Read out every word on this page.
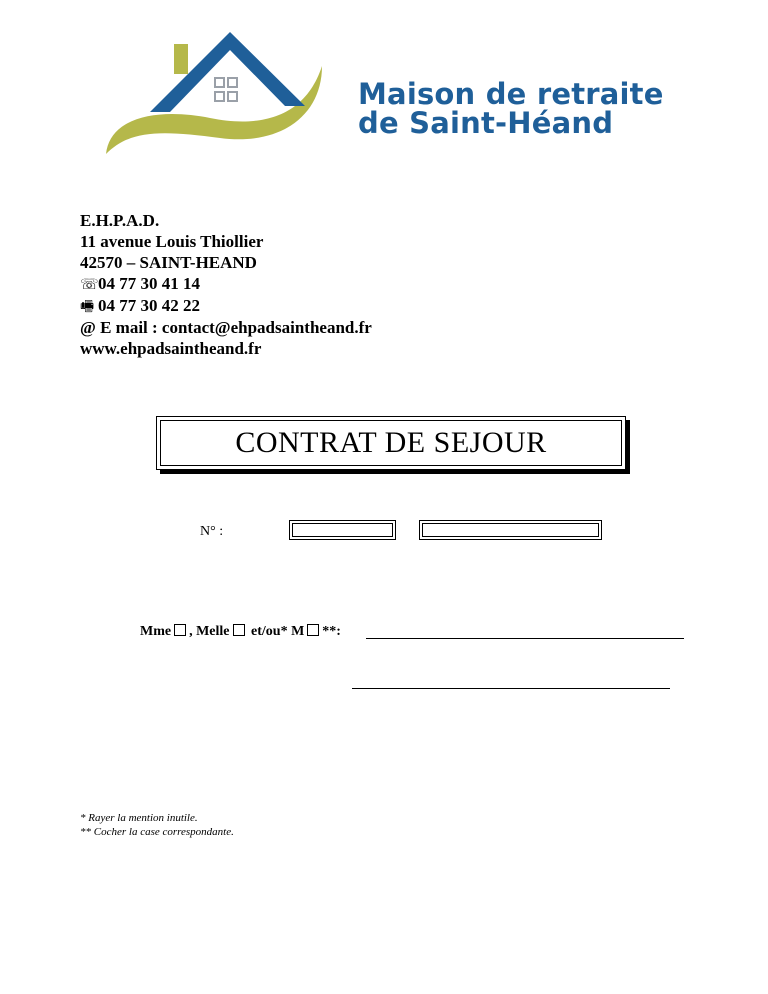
Maison de retraite
de Saint-Héand
E.H.P.A.D.
11 avenue Louis Thiollier
42570 – SAINT-HEAND
☏04 77 30 41 14
🖷 04 77 30 42 22
@ E mail : contact@ehpadsaintheand.fr
www.ehpadsaintheand.fr
CONTRAT DE SEJOUR
N° :
Mme , Melle et/ou* M **:
* Rayer la mention inutile.
** Cocher la case correspondante.
